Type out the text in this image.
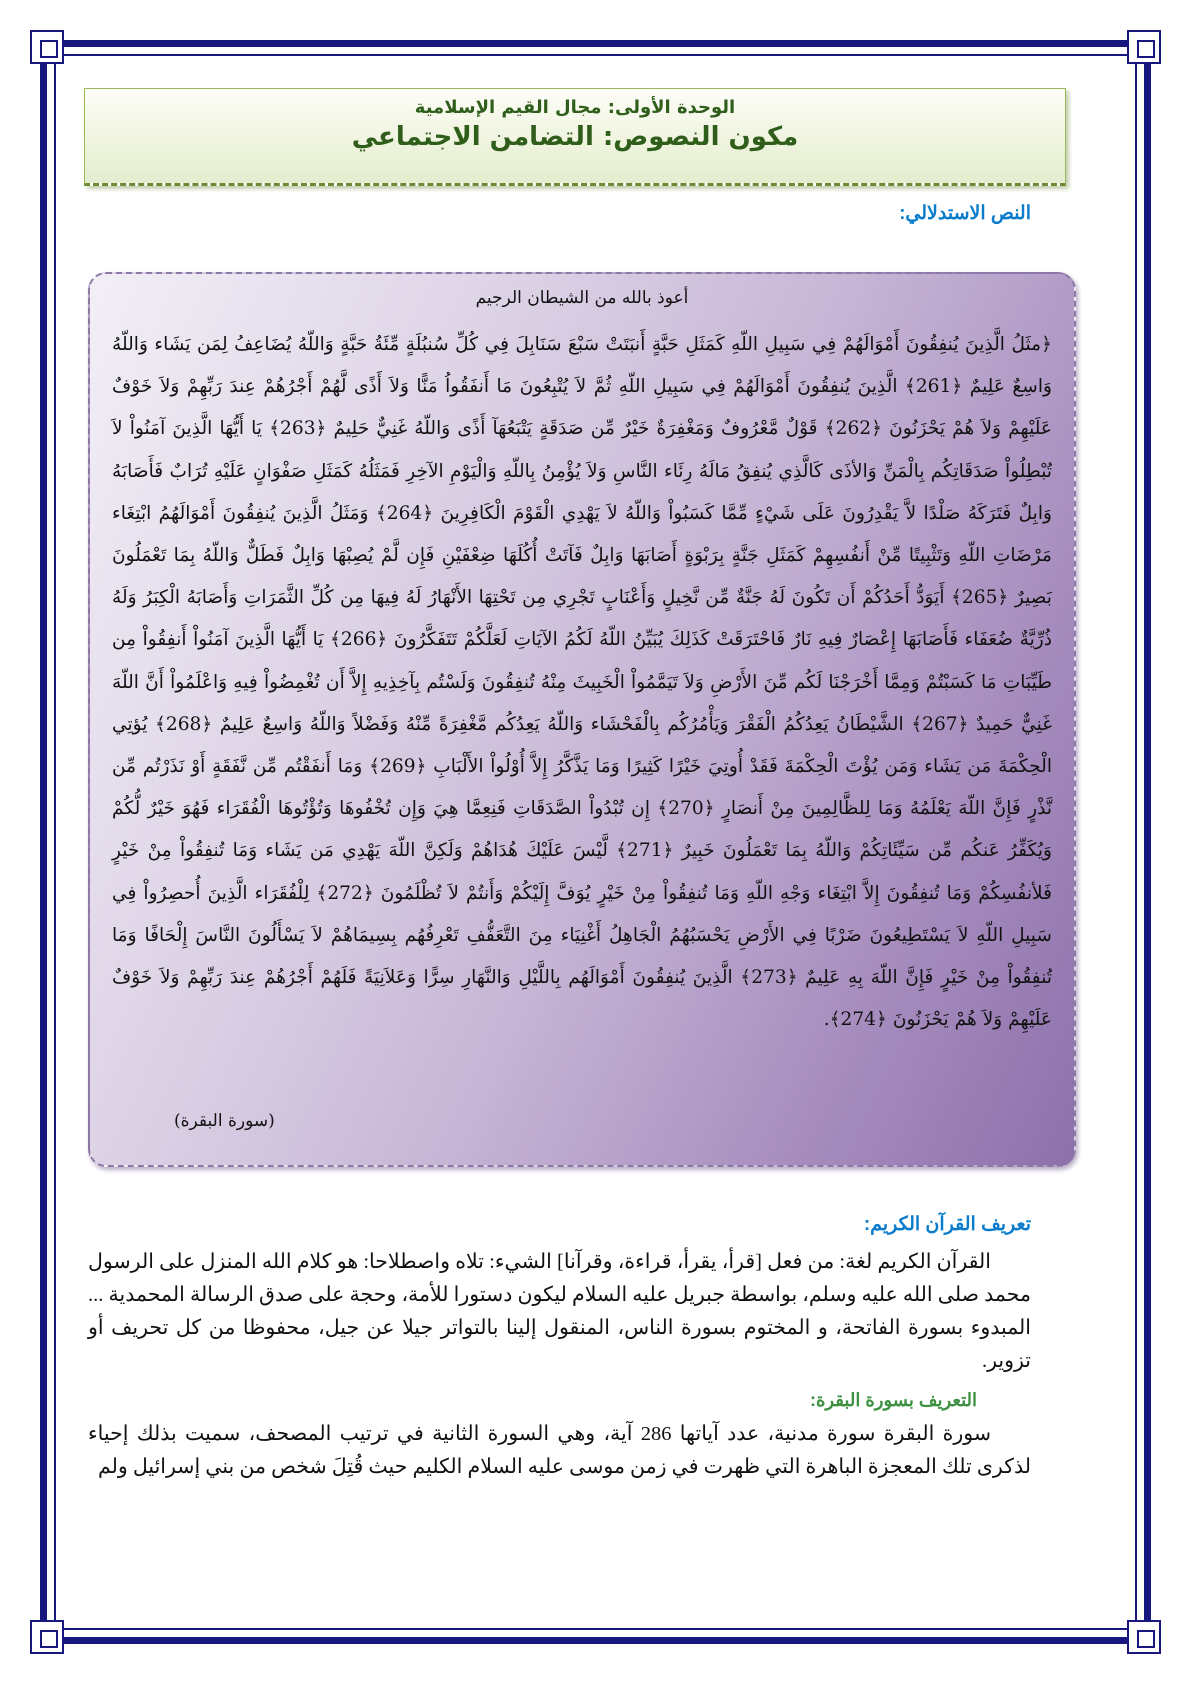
الوحدة الأولى: مجال القيم الإسلامية
مكون النصوص: التضامن الاجتماعي
النص الاستدلالي:
أعوذ بالله من الشيطان الرجيم
﴿مثَلُ الَّذِينَ يُنفِقُونَ أَمْوَالَهُمْ فِي سَبِيلِ اللّهِ كَمَثَلِ حَبَّةٍ أَنبَتَتْ سَبْعَ سَنَابِلَ فِي كُلِّ سُنبُلَةٍ مِّئَةُ حَبَّةٍ وَاللّهُ يُضَاعِفُ لِمَن يَشَاء وَاللّهُ وَاسِعٌ عَلِيمٌ ﴿261﴾ الَّذِينَ يُنفِقُونَ أَمْوَالَهُمْ فِي سَبِيلِ اللّهِ ثُمَّ لاَ يُتْبِعُونَ مَا أَنفَقُواُ مَنًّا وَلاَ أَذًى لَّهُمْ أَجْرُهُمْ عِندَ رَبِّهِمْ وَلاَ خَوْفٌ عَلَيْهِمْ وَلاَ هُمْ يَحْزَنُونَ ﴿262﴾ قَوْلٌ مَّعْرُوفٌ وَمَغْفِرَةٌ خَيْرٌ مِّن صَدَقَةٍ يَتْبَعُهَآ أَذًى وَاللّهُ غَنِيٌّ حَلِيمٌ ﴿263﴾ يَا أَيُّهَا الَّذِينَ آمَنُواْ لاَ تُبْطِلُواْ صَدَقَاتِكُم بِالْمَنِّ وَالأذَى كَالَّذِي يُنفِقُ مَالَهُ رِئَاء النَّاسِ وَلاَ يُؤْمِنُ بِاللّهِ وَالْيَوْمِ الآخِرِ فَمَثَلُهُ كَمَثَلِ صَفْوَانٍ عَلَيْهِ تُرَابٌ فَأَصَابَهُ وَابِلٌ فَتَرَكَهُ صَلْدًا لاَّ يَقْدِرُونَ عَلَى شَيْءٍ مِّمَّا كَسَبُواْ وَاللّهُ لاَ يَهْدِي الْقَوْمَ الْكَافِرِينَ ﴿264﴾ وَمَثَلُ الَّذِينَ يُنفِقُونَ أَمْوَالَهُمُ ابْتِغَاء مَرْضَاتِ اللّهِ وَتَثْبِيتًا مِّنْ أَنفُسِهِمْ كَمَثَلِ جَنَّةٍ بِرَبْوَةٍ أَصَابَهَا وَابِلٌ فَآتَتْ أُكُلَهَا ضِعْفَيْنِ فَإِن لَّمْ يُصِبْهَا وَابِلٌ فَطَلٌّ وَاللّهُ بِمَا تَعْمَلُونَ بَصِيرٌ ﴿265﴾ أَيَوَدُّ أَحَدُكُمْ أَن تَكُونَ لَهُ جَنَّةٌ مِّن نَّخِيلٍ وَأَعْنَابٍ تَجْرِي مِن تَحْتِهَا الأَنْهَارُ لَهُ فِيهَا مِن كُلِّ الثَّمَرَاتِ وَأَصَابَهُ الْكِبَرُ وَلَهُ ذُرِّيَّةٌ ضُعَفَاء فَأَصَابَهَا إِعْصَارٌ فِيهِ نَارٌ فَاحْتَرَقَتْ كَذَلِكَ يُبَيِّنُ اللّهُ لَكُمُ الآيَاتِ لَعَلَّكُمْ تَتَفَكَّرُونَ ﴿266﴾ يَا أَيُّهَا الَّذِينَ آمَنُواْ أَنفِقُواْ مِن طَيِّبَاتِ مَا كَسَبْتُمْ وَمِمَّا أَخْرَجْنَا لَكُم مِّنَ الأَرْضِ وَلاَ تَيَمَّمُواْ الْخَبِيثَ مِنْهُ تُنفِقُونَ وَلَسْتُم بِآخِذِيهِ إِلاَّ أَن تُغْمِضُواْ فِيهِ وَاعْلَمُواْ أَنَّ اللّهَ غَنِيٌّ حَمِيدٌ ﴿267﴾ الشَّيْطَانُ يَعِدُكُمُ الْفَقْرَ وَيَأْمُرُكُم بِالْفَحْشَاء وَاللّهُ يَعِدُكُم مَّغْفِرَةً مِّنْهُ وَفَضْلاً وَاللّهُ وَاسِعٌ عَلِيمٌ ﴿268﴾ يُؤتِي الْحِكْمَةَ مَن يَشَاء وَمَن يُؤْتَ الْحِكْمَةَ فَقَدْ أُوتِيَ خَيْرًا كَثِيرًا وَمَا يَذَّكَّرُ إِلاَّ أُوْلُواْ الأَلْبَابِ ﴿269﴾ وَمَا أَنفَقْتُم مِّن نَّفَقَةٍ أَوْ نَذَرْتُم مِّن نَّذْرٍ فَإِنَّ اللّهَ يَعْلَمُهُ وَمَا لِلظَّالِمِينَ مِنْ أَنصَارٍ ﴿270﴾ إِن تُبْدُواْ الصَّدَقَاتِ فَنِعِمَّا هِيَ وَإِن تُخْفُوهَا وَتُؤْتُوهَا الْفُقَرَاء فَهُوَ خَيْرٌ لُّكُمْ وَيُكَفِّرُ عَنكُم مِّن سَيِّئَاتِكُمْ وَاللّهُ بِمَا تَعْمَلُونَ خَبِيرٌ ﴿271﴾ لَّيْسَ عَلَيْكَ هُدَاهُمْ وَلَكِنَّ اللّهَ يَهْدِي مَن يَشَاء وَمَا تُنفِقُواْ مِنْ خَيْرٍ فَلأنفُسِكُمْ وَمَا تُنفِقُونَ إِلاَّ ابْتِغَاء وَجْهِ اللّهِ وَمَا تُنفِقُواْ مِنْ خَيْرٍ يُوَفَّ إِلَيْكُمْ وَأَنتُمْ لاَ تُظْلَمُونَ ﴿272﴾ لِلْفُقَرَاء الَّذِينَ أُحصِرُواْ فِي سَبِيلِ اللّهِ لاَ يَسْتَطِيعُونَ ضَرْبًا فِي الأَرْضِ يَحْسَبُهُمُ الْجَاهِلُ أَغْنِيَاء مِنَ التَّعَفُّفِ تَعْرِفُهُم بِسِيمَاهُمْ لاَ يَسْأَلُونَ النَّاسَ إِلْحَافًا وَمَا تُنفِقُواْ مِنْ خَيْرٍ فَإِنَّ اللّهَ بِهِ عَلِيمٌ ﴿273﴾ الَّذِينَ يُنفِقُونَ أَمْوَالَهُم بِاللَّيْلِ وَالنَّهَارِ سِرًّا وَعَلاَنِيَةً فَلَهُمْ أَجْرُهُمْ عِندَ رَبِّهِمْ وَلاَ خَوْفٌ عَلَيْهِمْ وَلاَ هُمْ يَحْزَنُونَ ﴿274﴾.
(سورة البقرة)
تعريف القرآن الكريم:
القرآن الكريم لغة: من فعل [قرأ، يقرأ، قراءة، وقرآنا] الشيء: تلاه واصطلاحا: هو كلام الله المنزل على الرسول محمد صلى الله عليه وسلم، بواسطة جبريل عليه السلام ليكون دستورا للأمة، وحجة على صدق الرسالة المحمدية ... المبدوء بسورة الفاتحة، و المختوم بسورة الناس، المنقول إلينا بالتواتر جيلا عن جيل، محفوظا من كل تحريف أو تزوير.
التعريف بسورة البقرة:
سورة البقرة سورة مدنية، عدد آياتها 286 آية، وهي السورة الثانية في ترتيب المصحف، سميت بذلك إحياء لذكرى تلك المعجزة الباهرة التي ظهرت في زمن موسى عليه السلام الكليم حيث قُتِلَ شخص من بني إسرائيل ولم
